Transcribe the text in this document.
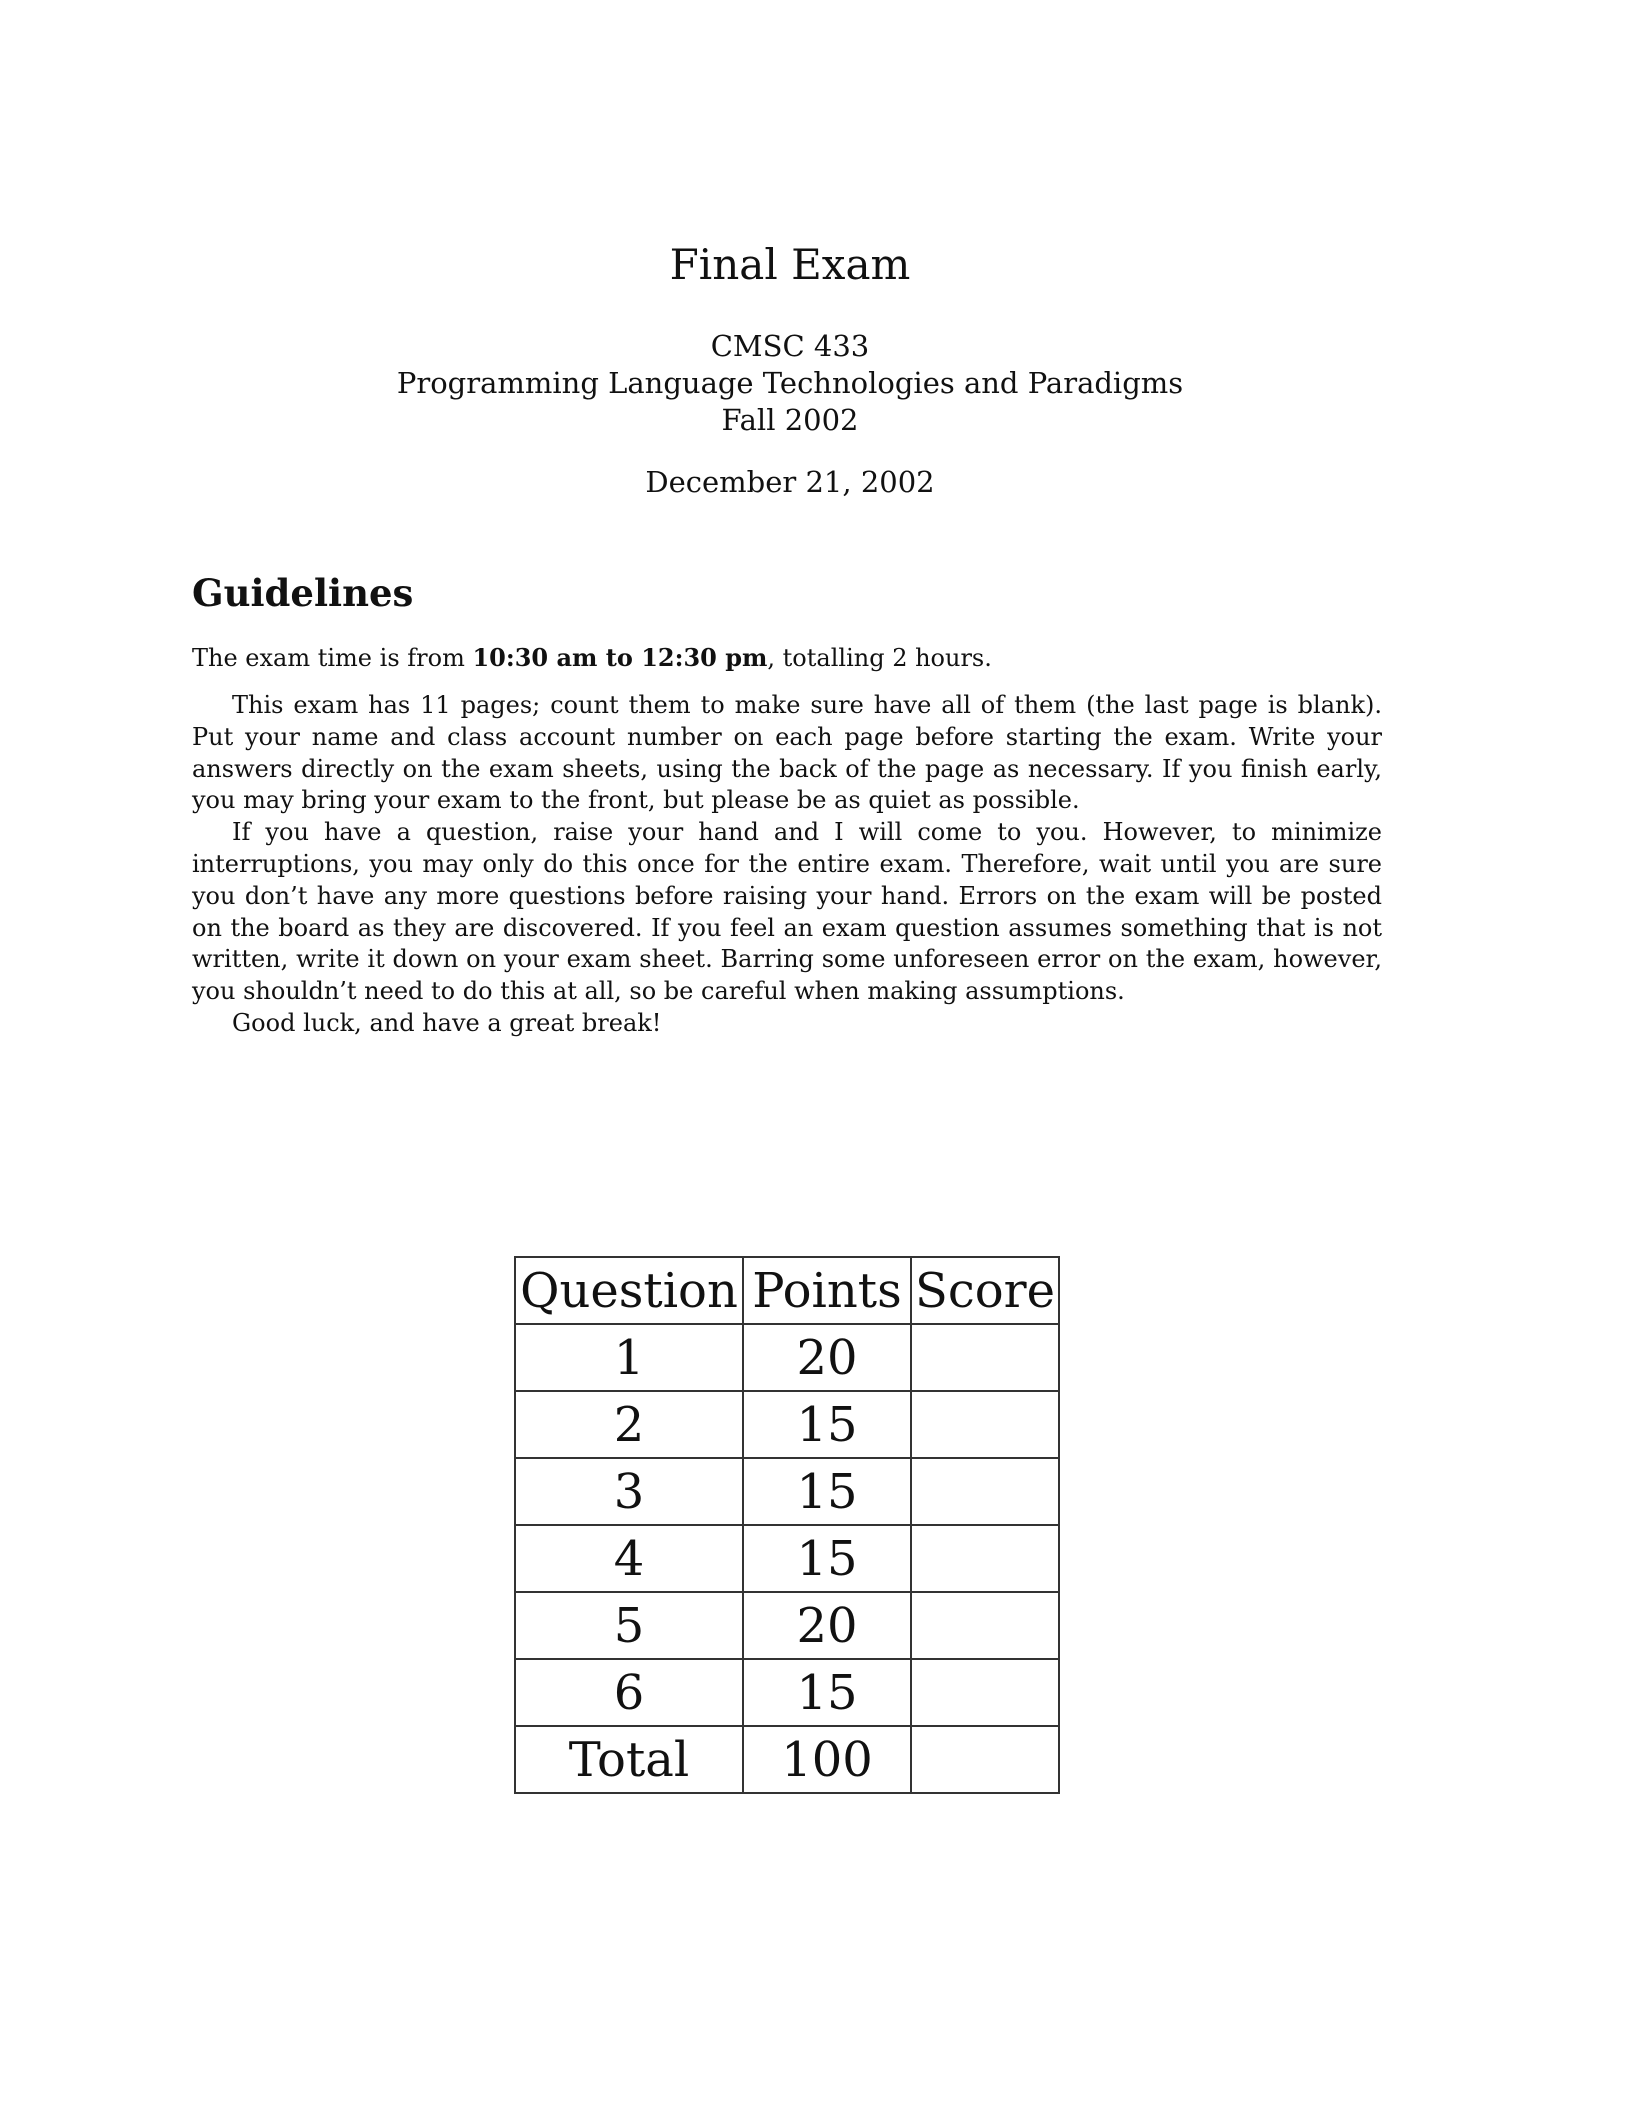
Final Exam
CMSC 433
Programming Language Technologies and Paradigms
Fall 2002
December 21, 2002
Guidelines
The exam time is from 10:30 am to 12:30 pm, totalling 2 hours.

This exam has 11 pages; count them to make sure have all of them (the last page is blank). Put your name and class account number on each page before starting the exam. Write your answers directly on the exam sheets, using the back of the page as necessary. If you finish early, you may bring your exam to the front, but please be as quiet as possible.

If you have a question, raise your hand and I will come to you. However, to minimize interruptions, you may only do this once for the entire exam. Therefore, wait until you are sure you don’t have any more questions before raising your hand. Errors on the exam will be posted on the board as they are discovered. If you feel an exam question assumes something that is not written, write it down on your exam sheet. Barring some unforeseen error on the exam, however, you shouldn’t need to do this at all, so be careful when making assumptions.

Good luck, and have a great break!

Question	Points	Score
1	20	
2	15	
3	15	
4	15	
5	20	
6	15	
Total	100	
